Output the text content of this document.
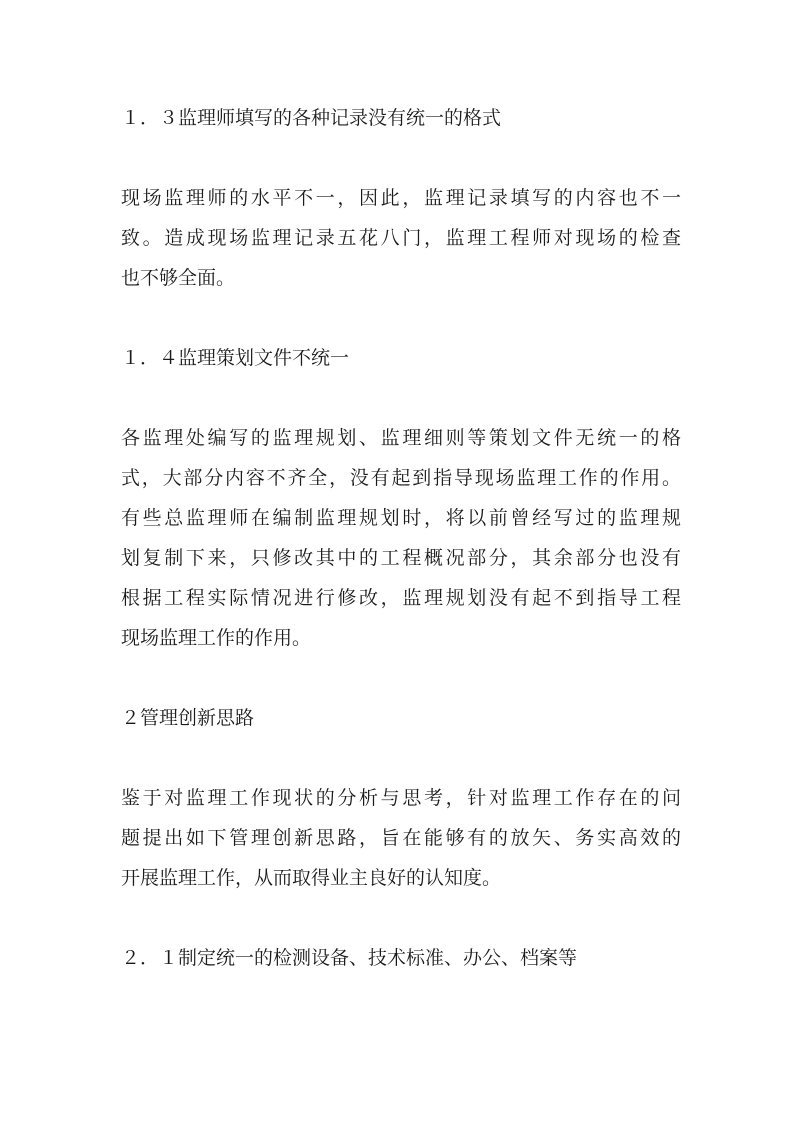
１．３监理师填写的各种记录没有统一的格式
现场监理师的水平不一，因此，监理记录填写的内容也不一
致。造成现场监理记录五花八门，监理工程师对现场的检查
也不够全面。
１．４监理策划文件不统一
各监理处编写的监理规划、监理细则等策划文件无统一的格
式，大部分内容不齐全，没有起到指导现场监理工作的作用。
有些总监理师在编制监理规划时，将以前曾经写过的监理规
划复制下来，只修改其中的工程概况部分，其余部分也没有
根据工程实际情况进行修改，监理规划没有起不到指导工程
现场监理工作的作用。
２管理创新思路
鉴于对监理工作现状的分析与思考，针对监理工作存在的问
题提出如下管理创新思路，旨在能够有的放矢、务实高效的
开展监理工作，从而取得业主良好的认知度。
２．１制定统一的检测设备、技术标准、办公、档案等
